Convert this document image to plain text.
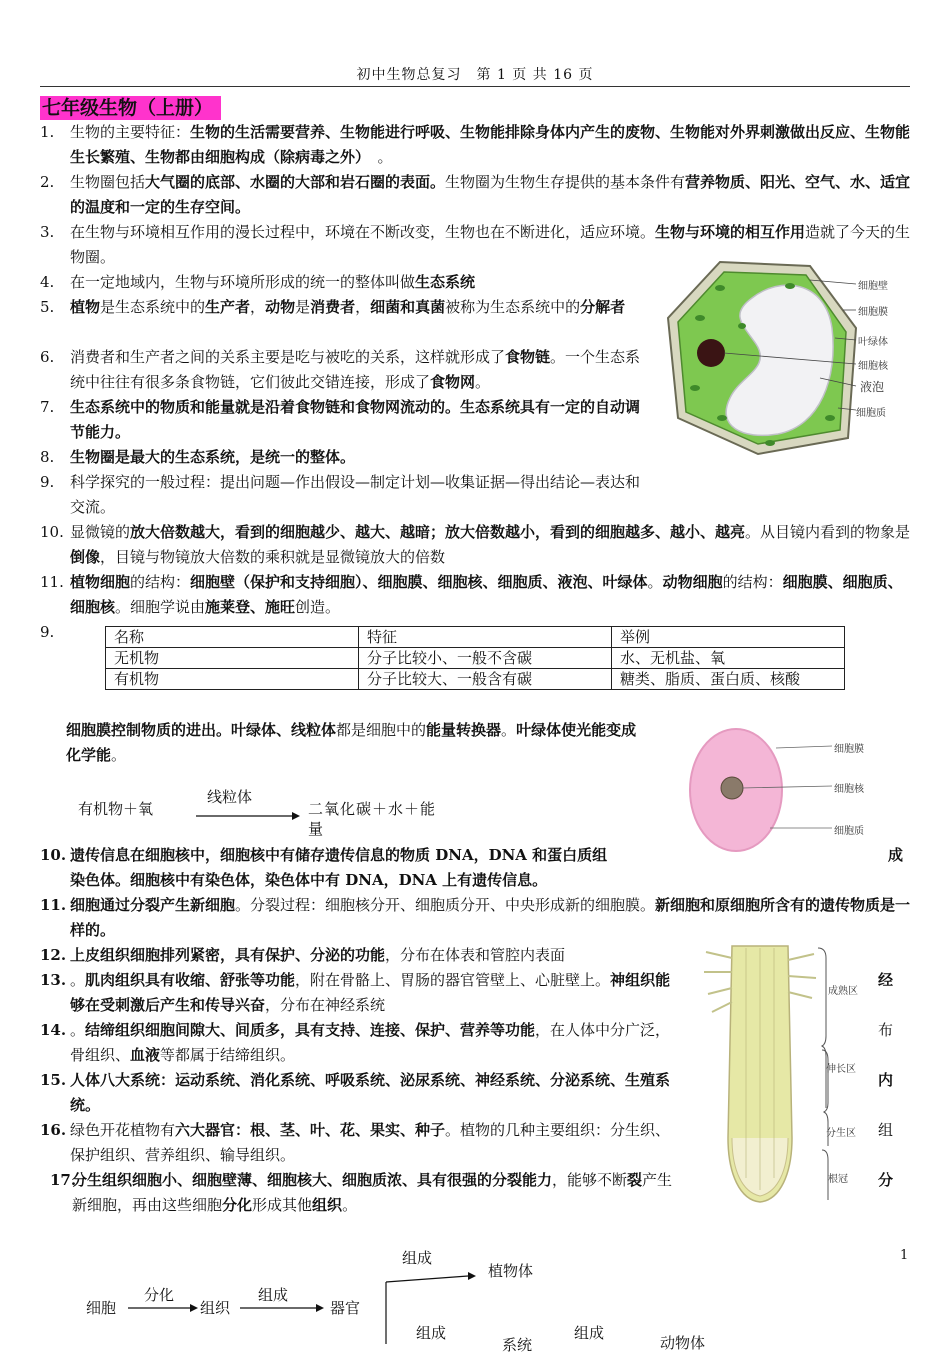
初中生物总复习　第 1 页 共 16 页
七年级生物（上册）
1.	生物的主要特征：生物的生活需要营养、生物能进行呼吸、生物能排除身体内产生的废物、生物能对外界刺激做出反应、生物能生长繁殖、生物都由细胞构成（除病毒之外）　。
2.	生物圈包括大气圈的底部、水圈的大部和岩石圈的表面。生物圈为生物生存提供的基本条件有营养物质、阳光、空气、水、适宜的温度和一定的生存空间。
3.	在生物与环境相互作用的漫长过程中，环境在不断改变，生物也在不断进化，适应环境。生物与环境的相互作用造就了今天的生物圈。
4.	在一定地域内，生物与环境所形成的统一的整体叫做生态系统
5.	植物是生态系统中的生产者，动物是消费者，细菌和真菌被称为生态系统中的分解者
6.	消费者和生产者之间的关系主要是吃与被吃的关系，这样就形成了食物链。一个生态系统中往往有很多条食物链，它们彼此交错连接，形成了食物网。
7.	生态系统中的物质和能量就是沿着食物链和食物网流动的。生态系统具有一定的自动调节能力。
8.	生物圈是最大的生态系统，是统一的整体。
9.	科学探究的一般过程：提出问题—作出假设—制定计划—收集证据—得出结论—表达和交流。
10. 显微镜的放大倍数越大，看到的细胞越少、越大、越暗；放大倍数越小，看到的细胞越多、越小、越亮。从目镜内看到的物象是倒像，目镜与物镜放大倍数的乘积就是显微镜放大的倍数
11. 植物细胞的结构：细胞壁（保护和支持细胞）、细胞膜、细胞核、细胞质、液泡、叶绿体。动物细胞的结构：细胞膜、细胞质、细胞核。细胞学说由施莱登、施旺创造。
9.	名称	特征	举例
无机物	分子比较小、一般不含碳	水、无机盐、氧
有机物	分子比较大、一般含有碳	糖类、脂质、蛋白质、核酸
细胞膜控制物质的进出。叶绿体、线粒体都是细胞中的能量转换器。叶绿体使光能变成化学能。
有机物＋氧
线粒体
二氧化碳＋水＋能
量
10. 遗传信息在细胞核中，细胞核中有储存遗传信息的物质 DNA，DNA 和蛋白质组	成
染色体。细胞核中有染色体，染色体中有 DNA，DNA 上有遗传信息。
11. 细胞通过分裂产生新细胞。分裂过程：细胞核分开、细胞质分开、中央形成新的细胞膜。新细胞和原细胞所含有的遗传物质是一样的。
12. 上皮组织细胞排列紧密，具有保护、分泌的功能，分布在体表和管腔内表面
13. 。肌肉组织具有收缩、舒张等功能，附在骨骼上、胃肠的器官管壁上、心脏壁上。神组织能够在受刺激后产生和传导兴奋，分布在神经系统
14. 。结缔组织细胞间隙大、间质多，具有支持、连接、保护、营养等功能，在人体中分广泛，骨组织、血液等都属于结缔组织。
15. 人体八大系统：运动系统、消化系统、呼吸系统、泌尿系统、神经系统、分泌系统、生殖系统。
16. 绿色开花植物有六大器官：根、茎、叶、花、果实、种子。植物的几种主要组织：分生织、保护组织、营养组织、输导组织。
17.
分生组织细胞小、细胞壁薄、细胞核大、细胞质浓、具有很强的分裂能力，能够不断裂产生新细胞，再由这些细胞分化形成其他组织。
经
布
内
组
分
细胞壁
细胞膜
叶绿体
细胞核
液泡
细胞质
细胞膜
细胞核
细胞质
成熟区
伸长区
分生区
根冠
细胞
分化
组织
组成
器官
组成
植物体
组成
系统
组成
动物体
1
